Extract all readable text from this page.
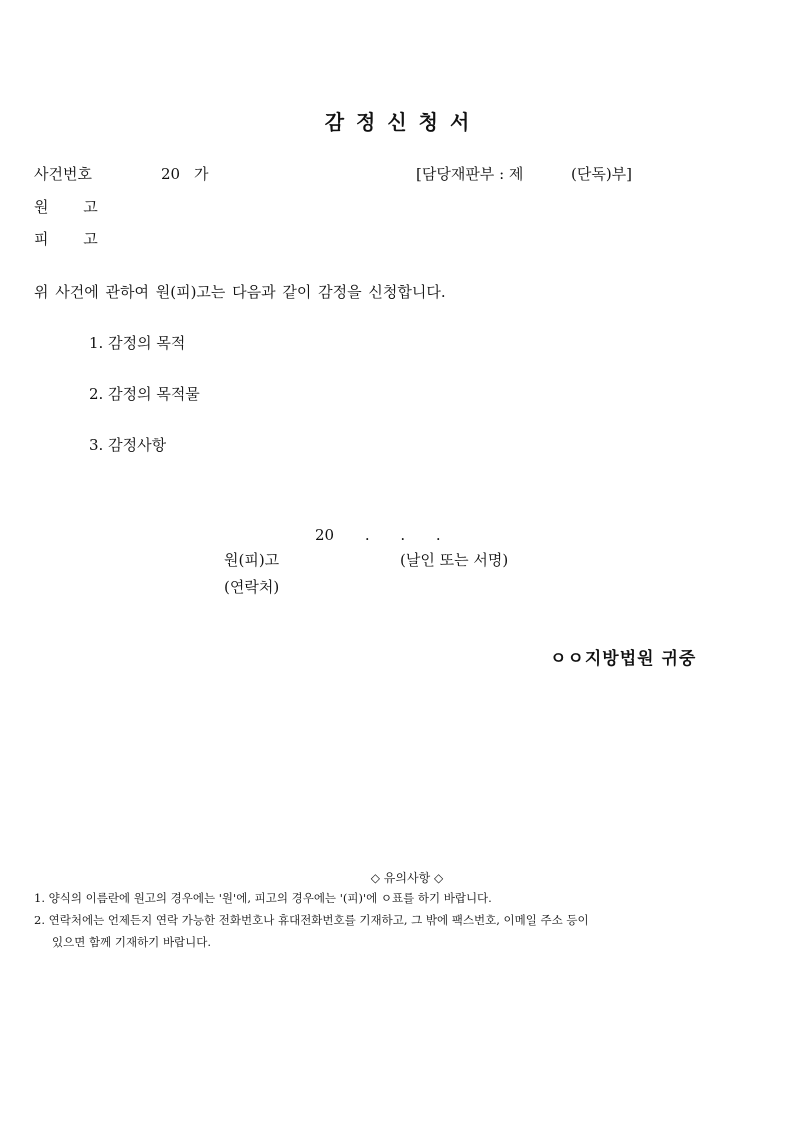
감정신청서
사건번호	20 가	[담당재판부 : 제	(단독)부]
원 고
피 고
위 사건에 관하여 원(피)고는 다음과 같이 감정을 신청합니다.
1. 감정의 목적
2. 감정의 목적물
3. 감정사항
20 . . .
원(피)고	(날인 또는 서명)
(연락처)
ㅇㅇ지방법원 귀중
◇ 유의사항 ◇
1. 양식의 이름란에 원고의 경우에는 '원'에, 피고의 경우에는 '(피)'에 ㅇ표를 하기 바랍니다.
2. 연락처에는 언제든지 연락 가능한 전화번호나 휴대전화번호를 기재하고, 그 밖에 팩스번호, 이메일 주소 등이
있으면 함께 기재하기 바랍니다.
